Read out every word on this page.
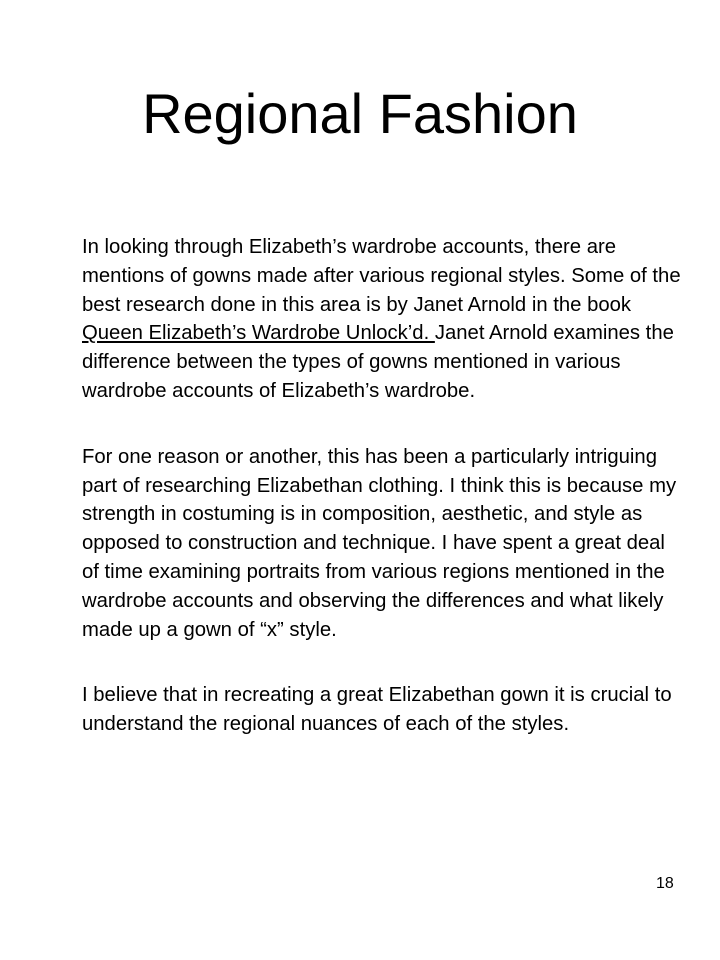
Regional Fashion

In looking through Elizabeth’s wardrobe accounts, there are mentions of gowns made after various regional styles. Some of the best research done in this area is by Janet Arnold in the book Queen Elizabeth’s Wardrobe Unlock’d. Janet Arnold examines the difference between the types of gowns mentioned in various wardrobe accounts of Elizabeth’s wardrobe.

For one reason or another, this has been a particularly intriguing part of researching Elizabethan clothing. I think this is because my strength in costuming is in composition, aesthetic, and style as opposed to construction and technique. I have spent a great deal of time examining portraits from various regions mentioned in the wardrobe accounts and observing the differences and what likely made up a gown of “x” style.

I believe that in recreating a great Elizabethan gown it is crucial to understand the regional nuances of each of the styles.

18
